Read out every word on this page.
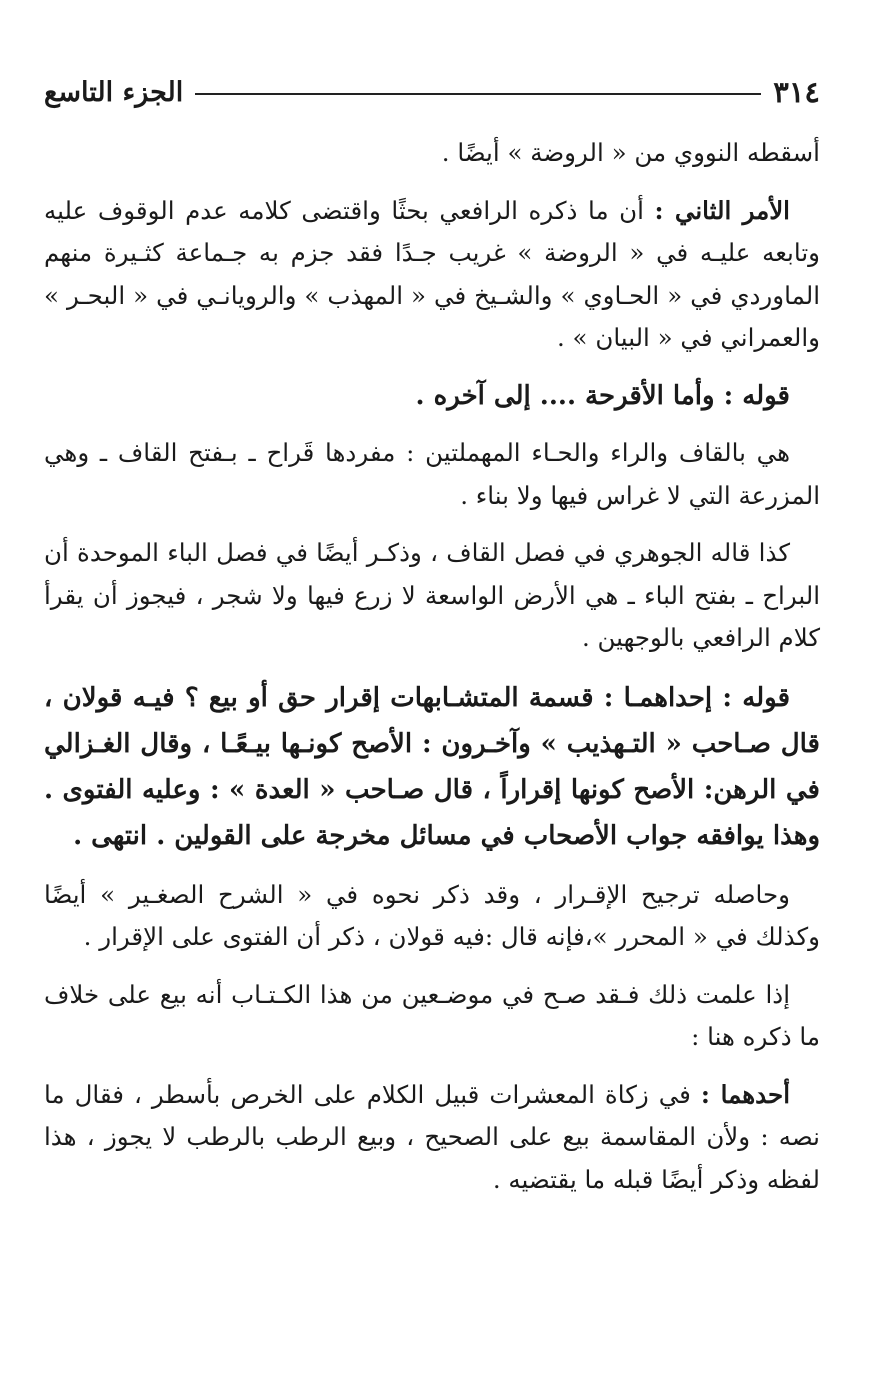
٣١٤
الجزء التاسع

أسقطه النووي من « الروضة » أيضًا .

الأمر الثاني : أن ما ذكره الرافعي بحثًا واقتضى كلامه عدم الوقوف عليه وتابعه عليـه في « الروضة » غريب جـدًا فقد جزم به جـماعة كثـيرة منهم الماوردي في « الحـاوي » والشـيخ في « المهذب » والرويانـي في « البحـر » والعمراني في « البيان » .

قوله : وأما الأقرحة .... إلى آخره .

هي بالقاف والراء والحـاء المهملتين : مفردها قَراح ـ بـفتح القاف ـ وهي المزرعة التي لا غراس فيها ولا بناء .

كذا قاله الجوهري في فصل القاف ، وذكـر أيضًا في فصل الباء الموحدة أن البراح ـ بفتح الباء ـ هي الأرض الواسعة لا زرع فيها ولا شجر ، فيجوز أن يقرأ كلام الرافعي بالوجهين .

قوله : إحداهمـا : قسمة المتشـابهات إقرار حق أو بيع ؟ فيـه قولان ، قال صـاحب « التـهذيب » وآخـرون : الأصح كونـها بيـعًـا ، وقال الغـزالي في الرهن: الأصح كونها إقراراً ، قال صـاحب « العدة » : وعليه الفتوى . وهذا يوافقه جواب الأصحاب في مسائل مخرجة على القولين . انتهى .

وحاصله ترجيح الإقـرار ، وقد ذكر نحوه في « الشرح الصغـير » أيضًا وكذلك في « المحرر »،فإنه قال :فيه قولان ، ذكر أن الفتوى على الإقرار .

إذا علمت ذلك فـقد صـح في موضـعين من هذا الكـتـاب أنه بيع على خلاف ما ذكره هنا :

أحدهما : في زكاة المعشرات قبيل الكلام على الخرص بأسطر ، فقال ما نصه : ولأن المقاسمة بيع على الصحيح ، وبيع الرطب بالرطب لا يجوز ، هذا لفظه وذكر أيضًا قبله ما يقتضيه .
